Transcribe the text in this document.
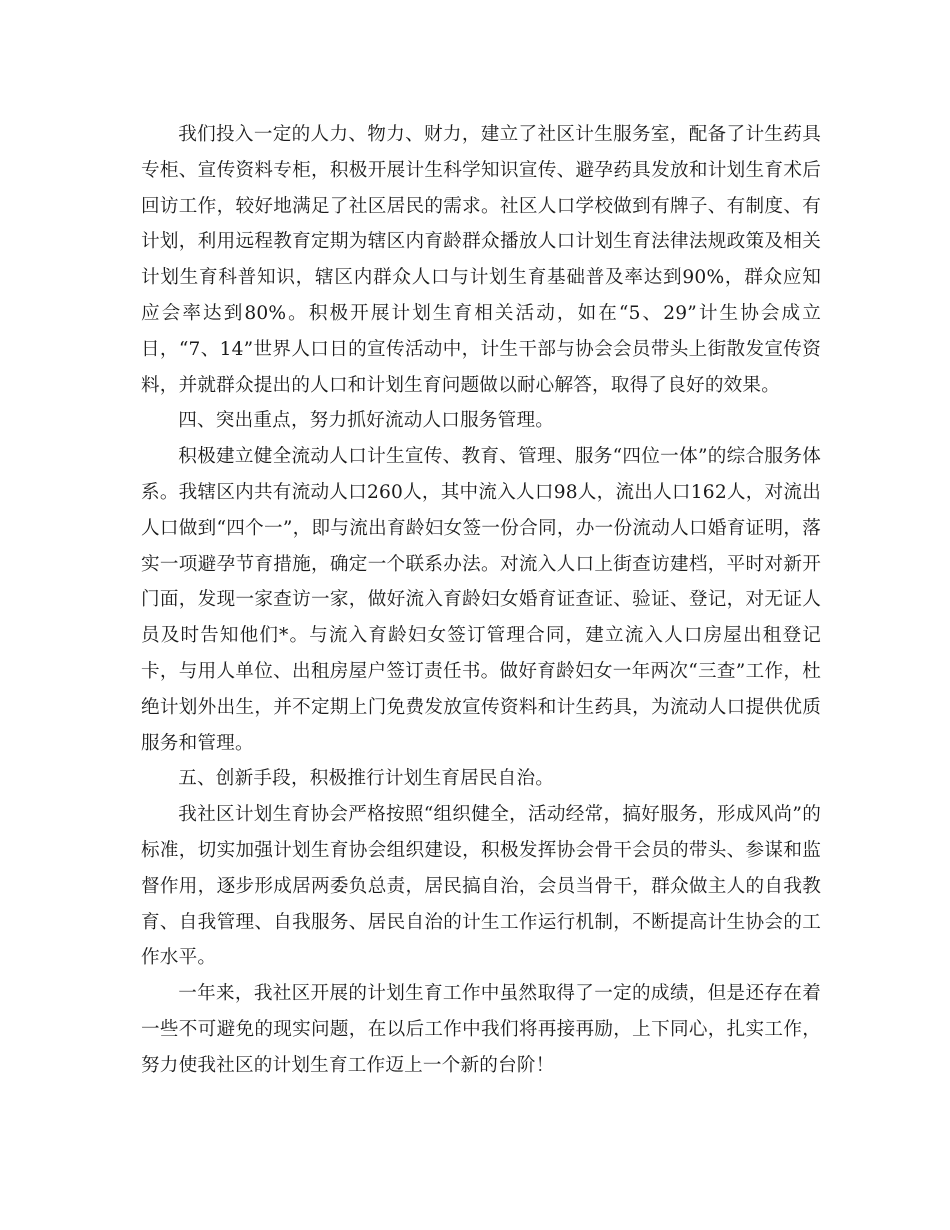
我们投入一定的人力、物力、财力，建立了社区计生服务室，配备了计生药具专柜、宣传资料专柜，积极开展计生科学知识宣传、避孕药具发放和计划生育术后回访工作，较好地满足了社区居民的需求。社区人口学校做到有牌子、有制度、有计划，利用远程教育定期为辖区内育龄群众播放人口计划生育法律法规政策及相关计划生育科普知识，辖区内群众人口与计划生育基础普及率达到90%，群众应知应会率达到80%。积极开展计划生育相关活动，如在“5、29”计生协会成立日，“7、14”世界人口日的宣传活动中，计生干部与协会会员带头上街散发宣传资料，并就群众提出的人口和计划生育问题做以耐心解答，取得了良好的效果。

四、突出重点，努力抓好流动人口服务管理。

积极建立健全流动人口计生宣传、教育、管理、服务“四位一体”的综合服务体系。我辖区内共有流动人口260人，其中流入人口98人，流出人口162人，对流出人口做到“四个一”，即与流出育龄妇女签一份合同，办一份流动人口婚育证明，落实一项避孕节育措施，确定一个联系办法。对流入人口上街查访建档，平时对新开门面，发现一家查访一家，做好流入育龄妇女婚育证查证、验证、登记，对无证人员及时告知他们*。与流入育龄妇女签订管理合同，建立流入人口房屋出租登记卡，与用人单位、出租房屋户签订责任书。做好育龄妇女一年两次“三查”工作，杜绝计划外出生，并不定期上门免费发放宣传资料和计生药具，为流动人口提供优质服务和管理。

五、创新手段，积极推行计划生育居民自治。

我社区计划生育协会严格按照“组织健全，活动经常，搞好服务，形成风尚”的标准，切实加强计划生育协会组织建设，积极发挥协会骨干会员的带头、参谋和监督作用，逐步形成居两委负总责，居民搞自治，会员当骨干，群众做主人的自我教育、自我管理、自我服务、居民自治的计生工作运行机制，不断提高计生协会的工作水平。

一年来，我社区开展的计划生育工作中虽然取得了一定的成绩，但是还存在着一些不可避免的现实问题，在以后工作中我们将再接再励，上下同心，扎实工作，努力使我社区的计划生育工作迈上一个新的台阶！
